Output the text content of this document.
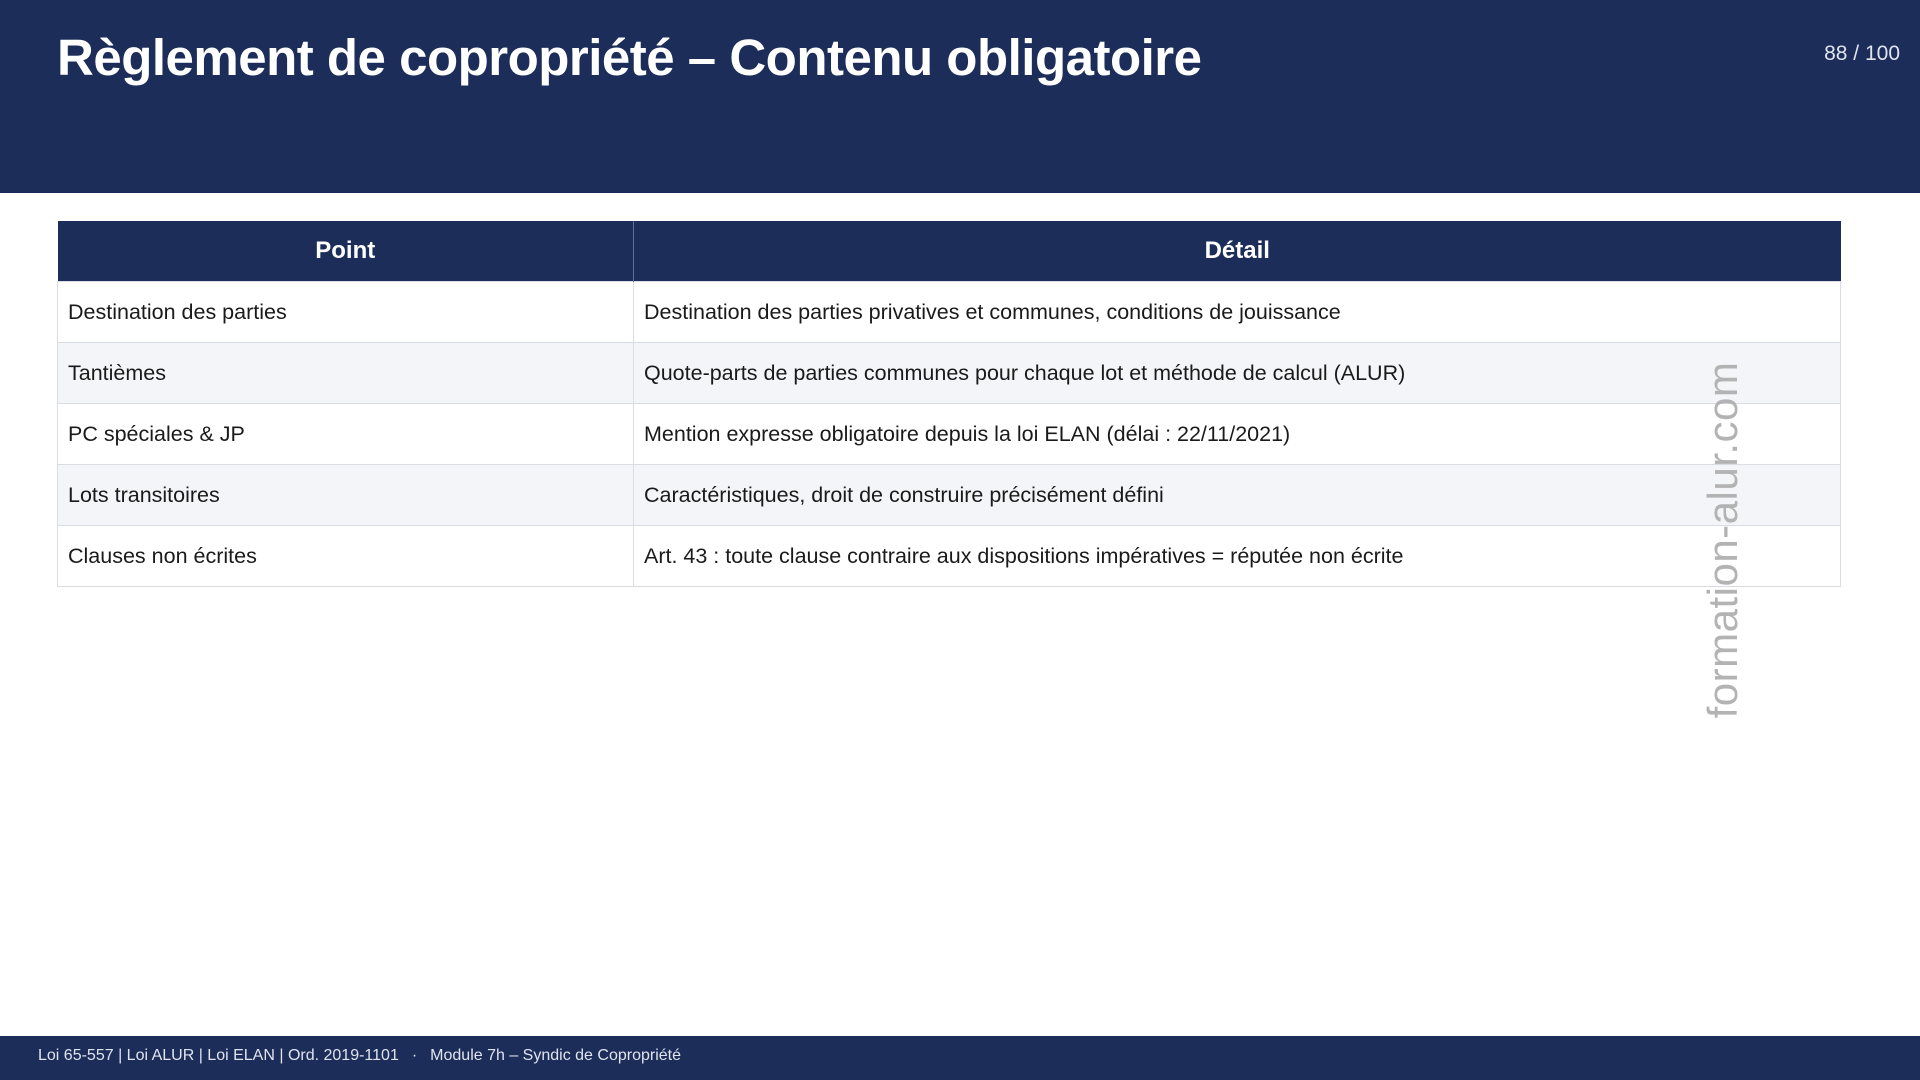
Règlement de copropriété – Contenu obligatoire	88 / 100
Point	Détail
Destination des parties	Destination des parties privatives et communes, conditions de jouissance
Tantièmes	Quote-parts de parties communes pour chaque lot et méthode de calcul (ALUR)
PC spéciales & JP	Mention expresse obligatoire depuis la loi ELAN (délai : 22/11/2021)
Lots transitoires	Caractéristiques, droit de construire précisément défini
Clauses non écrites	Art. 43 : toute clause contraire aux dispositions impératives = réputée non écrite	formation-alur.com
Loi 65-557 | Loi ALUR | Loi ELAN | Ord. 2019-1101 · Module 7h – Syndic de Copropriété
